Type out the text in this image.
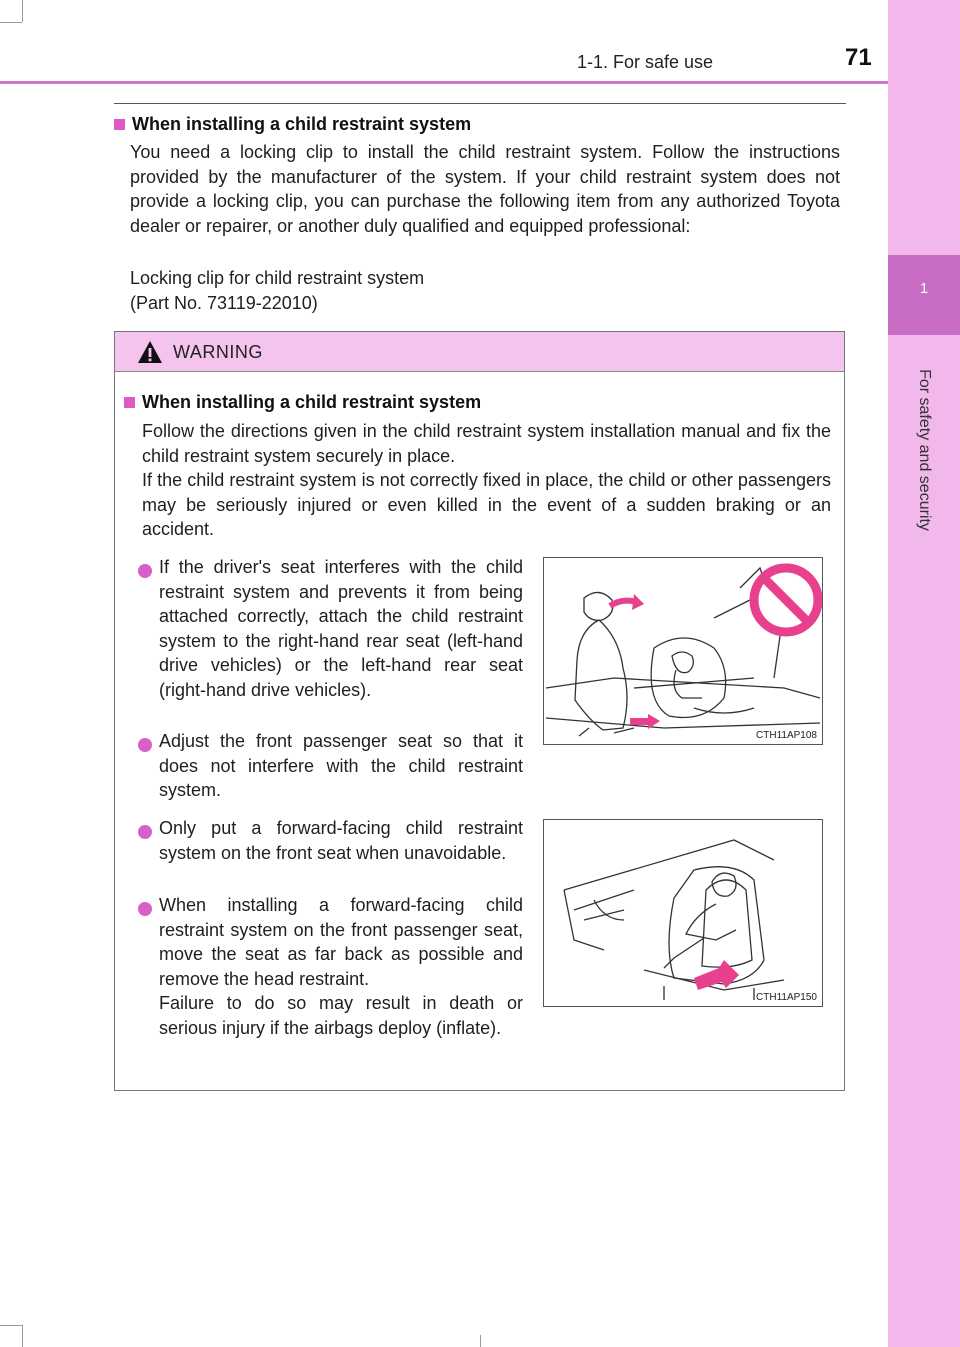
1
For safety and security
1-1. For safe use	71
When installing a child restraint system
You need a locking clip to install the child restraint system. Follow the instructions provided by the manufacturer of the system. If your child restraint system does not provide a locking clip, you can purchase the following item from any authorized Toyota dealer or repairer, or another duly qualified and equipped professional:
Locking clip for child restraint system
(Part No. 73119-22010)
WARNING
When installing a child restraint system
Follow the directions given in the child restraint system installation manual and fix the child restraint system securely in place.
If the child restraint system is not correctly fixed in place, the child or other passengers may be seriously injured or even killed in the event of a sudden braking or an accident.
If the driver's seat interferes with the child restraint system and prevents it from being attached correctly, attach the child restraint system to the right-hand rear seat (left-hand drive vehicles) or the left-hand rear seat (right-hand drive vehicles).
Adjust the front passenger seat so that it does not interfere with the child restraint system.
Only put a forward-facing child restraint system on the front seat when unavoidable.
When installing a forward-facing child restraint system on the front passenger seat, move the seat as far back as possible and remove the head restraint.
Failure to do so may result in death or serious injury if the airbags deploy (inflate).
CTH11AP108
CTH11AP150
